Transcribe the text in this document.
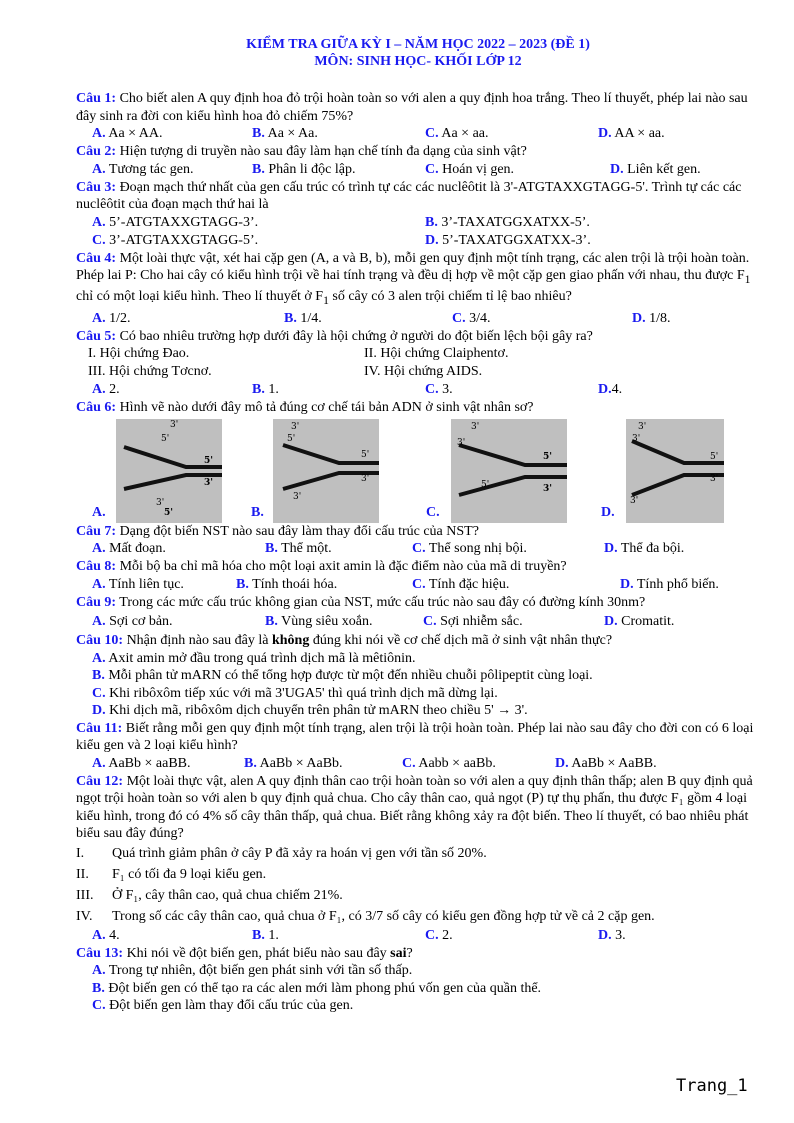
KIỂM TRA GIỮA KỲ I – NĂM HỌC 2022 – 2023 (ĐỀ 1)
MÔN: SINH HỌC- KHỐI LỚP 12

Câu 1: Cho biết alen A quy định hoa đỏ trội hoàn toàn so với alen a quy định hoa trắng. Theo lí thuyết, phép lai nào sau đây sinh ra đời con kiểu hình hoa đỏ chiếm 75%?

A. Aa × AA.	B. Aa × Aa.	C. Aa × aa.	D. AA × aa.

Câu 2: Hiện tượng di truyền nào sau đây làm hạn chế tính đa dạng của sinh vật?

A. Tương tác gen.	B. Phân li độc lập.	C. Hoán vị gen.	D. Liên kết gen.

Câu 3: Đoạn mạch thứ nhất của gen cấu trúc có trình tự các các nuclêôtit là 3'-ATGTAXXGTAGG-5'. Trình tự các các nuclêôtit của đoạn mạch thứ hai là

A. 5’-ATGTAXXGTAGG-3’.	B. 3’-TAXATGGXATXX-5’.
C. 3’-ATGTAXXGTAGG-5’.	D. 5’-TAXATGGXATXX-3’.

Câu 4: Một loài thực vật, xét hai cặp gen (A, a và B, b), mỗi gen quy định một tính trạng, các alen trội là trội hoàn toàn. Phép lai P: Cho hai cây có kiểu hình trội về hai tính trạng và đều dị hợp về một cặp gen giao phấn với nhau, thu được $F_1$ chỉ có một loại kiểu hình. Theo lí thuyết ở $F_1$ số cây có 3 alen trội chiếm tỉ lệ bao nhiêu?

A. 1/2.	B. 1/4.	C. 3/4.	D. 1/8.

Câu 5: Có bao nhiêu trường hợp dưới đây là hội chứng ở người do đột biến lệch bội gây ra?

I. Hội chứng Đao.	II. Hội chứng Claiphentơ.
III. Hội chứng Tơcnơ.	IV. Hội chứng AIDS.
A. 2.	B. 1.	C. 3.	D.4.

Câu 6: Hình vẽ nào dưới đây mô tả đúng cơ chế tái bản ADN ở sinh vật nhân sơ?

A.
3'
5'
5'
3'
5'
3'
B.
3'
5'
5'
3'
3'
C.
3'
3'
5'
3'
5'
D.
3'
3'
5'
3'
3'

Câu 7: Dạng đột biến NST nào sau đây làm thay đổi cấu trúc của NST?

A. Mất đoạn.	B. Thể một.	C. Thể song nhị bội.	D. Thể đa bội.

Câu 8: Mỗi bộ ba chỉ mã hóa cho một loại axit amin là đặc điểm nào của mã di truyền?

A. Tính liên tục.	B. Tính thoái hóa.	C. Tính đặc hiệu.	D. Tính phổ biến.

Câu 9: Trong các mức cấu trúc không gian của NST, mức cấu trúc nào sau đây có đường kính 30nm?

A. Sợi cơ bản.	B. Vùng siêu xoắn.	C. Sợi nhiễm sắc.	D. Cromatit.

Câu 10: Nhận định nào sau đây là không đúng khi nói về cơ chế dịch mã ở sinh vật nhân thực?

A. Axit amin mở đầu trong quá trình dịch mã là mêtiônin.
B. Mỗi phân tử mARN có thể tổng hợp được từ một đến nhiều chuỗi pôlipeptit cùng loại.
C. Khi ribôxôm tiếp xúc với mã 3'UGA5' thì quá trình dịch mã dừng lại.
D. Khi dịch mã, ribôxôm dịch chuyển trên phân tử mARN theo chiều 5' → 3'.

Câu 11: Biết rằng mỗi gen quy định một tính trạng, alen trội là trội hoàn toàn. Phép lai nào sau đây cho đời con có 6 loại kiểu gen và 2 loại kiểu hình?

A. AaBb × aaBB.	B. AaBb × AaBb.	C. Aabb × aaBb.	D. AaBb × AaBB.

Câu 12: Một loài thực vật, alen A quy định thân cao trội hoàn toàn so với alen a quy định thân thấp; alen B quy định quả ngọt trội hoàn toàn so với alen b quy định quả chua. Cho cây thân cao, quả ngọt (P) tự thụ phấn, thu được F₁ gồm 4 loại kiểu hình, trong đó có 4% số cây thân thấp, quả chua. Biết rằng không xảy ra đột biến. Theo lí thuyết, có bao nhiêu phát biểu sau đây đúng?

I.	Quá trình giảm phân ở cây P đã xảy ra hoán vị gen với tần số 20%.
II.	F₁ có tối đa 9 loại kiểu gen.
III.	Ở F₁, cây thân cao, quả chua chiếm 21%.
IV.	Trong số các cây thân cao, quả chua ở F₁, có 3/7 số cây có kiểu gen đồng hợp tử về cả 2 cặp gen.
A. 4.	B. 1.	C. 2.	D. 3.

Câu 13: Khi nói về đột biến gen, phát biểu nào sau đây sai?

A. Trong tự nhiên, đột biến gen phát sinh với tần số thấp.
B. Đột biến gen có thể tạo ra các alen mới làm phong phú vốn gen của quần thể.
C. Đột biến gen làm thay đổi cấu trúc của gen.
Trang_1
